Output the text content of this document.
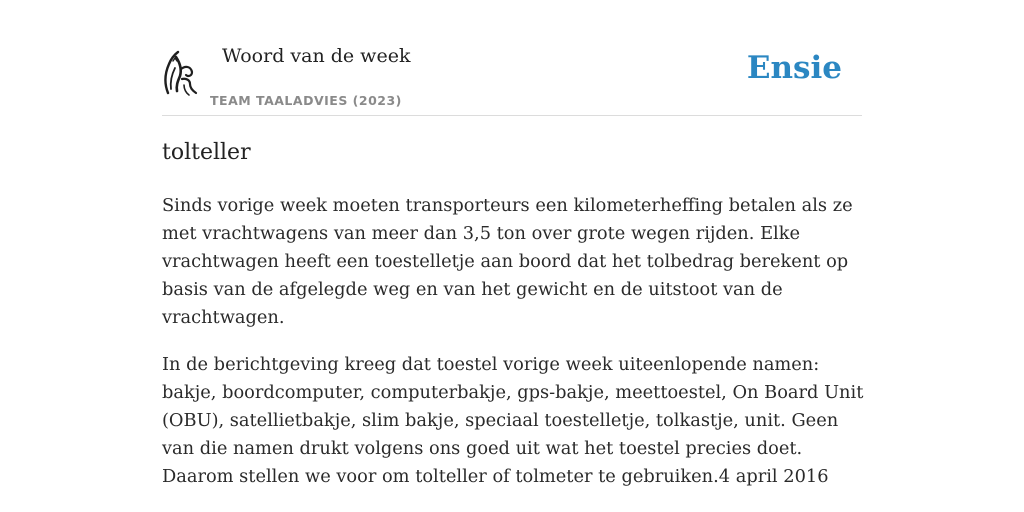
Woord van de week
TEAM TAALADVIES (2023)
Ensie
tolteller

Sinds vorige week moeten transporteurs een kilometerheffing betalen als ze met vrachtwagens van meer dan 3,5 ton over grote wegen rijden. Elke vrachtwagen heeft een toestelletje aan boord dat het tolbedrag berekent op basis van de afgelegde weg en van het gewicht en de uitstoot van de vrachtwagen.

In de berichtgeving kreeg dat toestel vorige week uiteenlopende namen: bakje, boordcomputer, computerbakje, gps-bakje, meettoestel, On Board Unit (OBU), satellietbakje, slim bakje, speciaal toestelletje, tolkastje, unit. Geen van die namen drukt volgens ons goed uit wat het toestel precies doet. Daarom stellen we voor om tolteller of tolmeter te gebruiken.4 april 2016
